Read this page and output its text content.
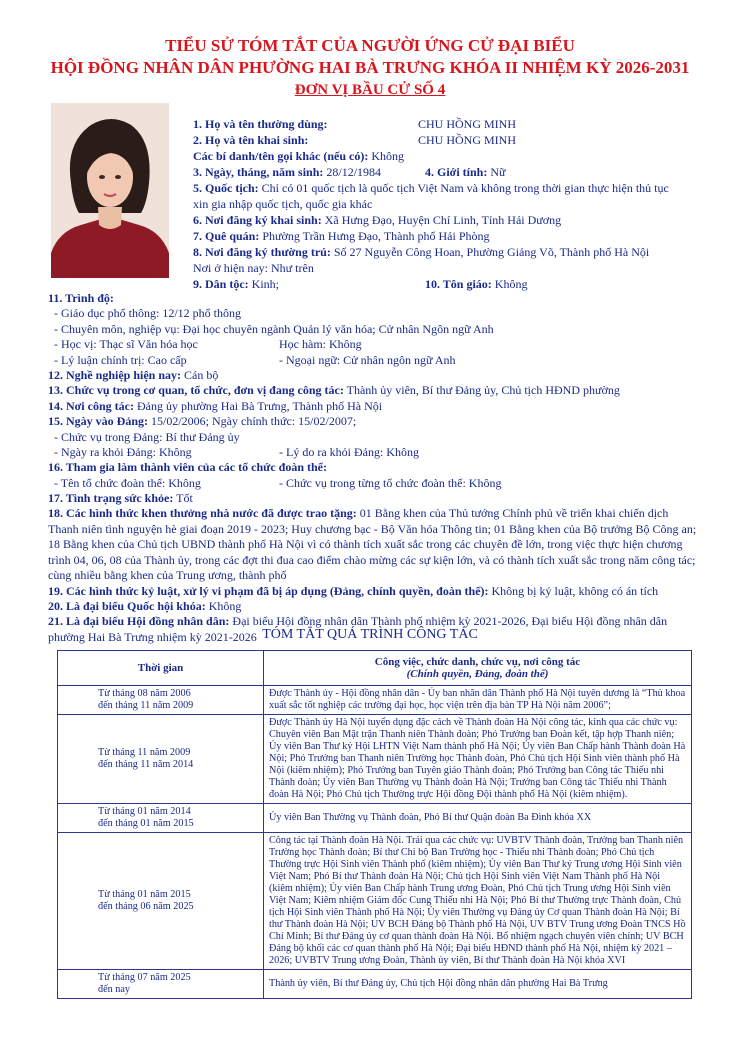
TIỂU SỬ TÓM TẮT CỦA NGƯỜI ỨNG CỬ ĐẠI BIỂU
HỘI ĐỒNG NHÂN DÂN PHƯỜNG HAI BÀ TRƯNG KHÓA II NHIỆM KỲ 2026-2031
ĐƠN VỊ BẦU CỬ SỐ 4
1. Họ và tên thường dùng:	CHU HỒNG MINH
2. Họ và tên khai sinh:	CHU HỒNG MINH
Các bí danh/tên gọi khác (nếu có): Không
3. Ngày, tháng, năm sinh: 28/12/1984	4. Giới tính: Nữ
5. Quốc tịch: Chỉ có 01 quốc tịch là quốc tịch Việt Nam và không trong thời gian thực hiện thủ tục
xin gia nhập quốc tịch, quốc gia khác
6. Nơi đăng ký khai sinh: Xã Hưng Đạo, Huyện Chí Linh, Tỉnh Hải Dương
7. Quê quán: Phường Trần Hưng Đạo, Thành phố Hải Phòng
8. Nơi đăng ký thường trú: Số 27 Nguyễn Công Hoan, Phường Giảng Võ, Thành phố Hà Nội
Nơi ở hiện nay: Như trên
9. Dân tộc: Kinh;	10. Tôn giáo: Không
11. Trình độ:
- Giáo dục phổ thông: 12/12 phổ thông
- Chuyên môn, nghiệp vụ: Đại học chuyên ngành Quản lý văn hóa; Cử nhân Ngôn ngữ Anh
- Học vị: Thạc sĩ Văn hóa học	Học hàm: Không
- Lý luận chính trị: Cao cấp	- Ngoại ngữ: Cử nhân ngôn ngữ Anh
12. Nghề nghiệp hiện nay: Cán bộ
13. Chức vụ trong cơ quan, tổ chức, đơn vị đang công tác: Thành ủy viên, Bí thư Đảng ủy, Chủ tịch HĐND phường
14. Nơi công tác: Đảng ủy phường Hai Bà Trưng, Thành phố Hà Nội
15. Ngày vào Đảng: 15/02/2006; Ngày chính thức: 15/02/2007;
- Chức vụ trong Đảng: Bí thư Đảng ủy
- Ngày ra khỏi Đảng: Không	- Lý do ra khỏi Đảng: Không
16. Tham gia làm thành viên của các tổ chức đoàn thể:
- Tên tổ chức đoàn thể: Không	- Chức vụ trong từng tổ chức đoàn thể: Không
17. Tình trạng sức khỏe: Tốt
18. Các hình thức khen thưởng nhà nước đã được trao tặng: 01 Bằng khen của Thủ tướng Chính phủ về triển khai chiến dịch Thanh niên tình nguyện hè giai đoạn 2019 - 2023; Huy chương bạc - Bộ Văn hóa Thông tin; 01 Bằng khen của Bộ trưởng Bộ Công an; 18 Bằng khen của Chủ tịch UBND thành phố Hà Nội vì có thành tích xuất sắc trong các chuyên đề lớn, trong việc thực hiện chương trình 04, 06, 08 của Thành ủy, trong các đợt thi đua cao điểm chào mừng các sự kiện lớn, và có thành tích xuất sắc trong năm công tác; cùng nhiều bằng khen của Trung ương, thành phố
19. Các hình thức kỷ luật, xử lý vi phạm đã bị áp dụng (Đảng, chính quyền, đoàn thể): Không bị kỷ luật, không có án tích
20. Là đại biểu Quốc hội khóa: Không
21. Là đại biểu Hội đồng nhân dân: Đại biểu Hội đồng nhân dân Thành phố nhiệm kỳ 2021-2026, Đại biểu Hội đồng nhân dân phường Hai Bà Trưng nhiệm kỳ 2021-2026 TÓM TẮT QUÁ TRÌNH CÔNG TÁC
Thời gian	Công việc, chức danh, chức vụ, nơi công tác
(Chính quyền, Đảng, đoàn thể)

Từ tháng 08 năm 2006
đến tháng 11 năm 2009	Được Thành ủy - Hội đồng nhân dân - Ủy ban nhân dân Thành phố Hà Nội tuyên dương là “Thủ khoa xuất sắc tốt nghiệp các trường đại học, học viện trên địa bàn TP Hà Nội năm 2006”;

Từ tháng 11 năm 2009
đến tháng 11 năm 2014	Được Thành ủy Hà Nội tuyển dụng đặc cách về Thành đoàn Hà Nội công tác, kinh qua các chức vụ: Chuyên viên Ban Mặt trận Thanh niên Thành đoàn; Phó Trưởng ban Đoàn kết, tập hợp Thanh niên; Ủy viên Ban Thư ký Hội LHTN Việt Nam thành phố Hà Nội; Ủy viên Ban Chấp hành Thành đoàn Hà Nội; Phó Trưởng ban Thanh niên Trường học Thành đoàn, Phó Chủ tịch Hội Sinh viên thành phố Hà Nội (kiêm nhiệm); Phó Trưởng ban Tuyên giáo Thành đoàn; Phó Trưởng ban Công tác Thiếu nhi Thành đoàn; Ủy viên Ban Thường vụ Thành đoàn Hà Nội; Trưởng ban Công tác Thiếu nhi Thành đoàn Hà Nội; Phó Chủ tịch Thường trực Hội đồng Đội thành phố Hà Nội (kiêm nhiệm).

Từ tháng 01 năm 2014
đến tháng 01 năm 2015	Ủy viên Ban Thường vụ Thành đoàn, Phó Bí thư Quận đoàn Ba Đình khóa XX

Từ tháng 01 năm 2015
đến tháng 06 năm 2025	Công tác tại Thành đoàn Hà Nội. Trải qua các chức vụ: UVBTV Thành đoàn, Trưởng ban Thanh niên Trường học Thành đoàn; Bí thư Chi bộ Ban Trường học - Thiếu nhi Thành đoàn; Phó Chủ tịch Thường trực Hội Sinh viên Thành phố (kiêm nhiệm); Ủy viên Ban Thư ký Trung ương Hội Sinh viên Việt Nam; Phó Bí thư Thành đoàn Hà Nội; Chủ tịch Hội Sinh viên Việt Nam Thành phố Hà Nội (kiêm nhiệm); Ủy viên Ban Chấp hành Trung ương Đoàn, Phó Chủ tịch Trung ương Hội Sinh viên Việt Nam; Kiêm nhiệm Giám đốc Cung Thiếu nhi Hà Nội; Phó Bí thư Thường trực Thành đoàn, Chủ tịch Hội Sinh viên Thành phố Hà Nội; Ủy viên Thường vụ Đảng ủy Cơ quan Thành đoàn Hà Nội; Bí thư Thành đoàn Hà Nội; UV BCH Đảng bộ Thành phố Hà Nội, UV BTV Trung ương Đoàn TNCS Hồ Chí Minh; Bí thư Đảng ủy cơ quan thành đoàn Hà Nội. Bổ nhiệm ngạch chuyên viên chính; UV BCH Đảng bộ khối các cơ quan thành phố Hà Nội; Đại biểu HĐND thành phố Hà Nội, nhiệm kỳ 2021 – 2026; UVBTV Trung ương Đoàn, Thành ủy viên, Bí thư Thành đoàn Hà Nội khóa XVI

Từ tháng 07 năm 2025
đến nay	Thành ủy viên, Bí thư Đảng ủy, Chủ tịch Hội đồng nhân dân phường Hai Bà Trưng
